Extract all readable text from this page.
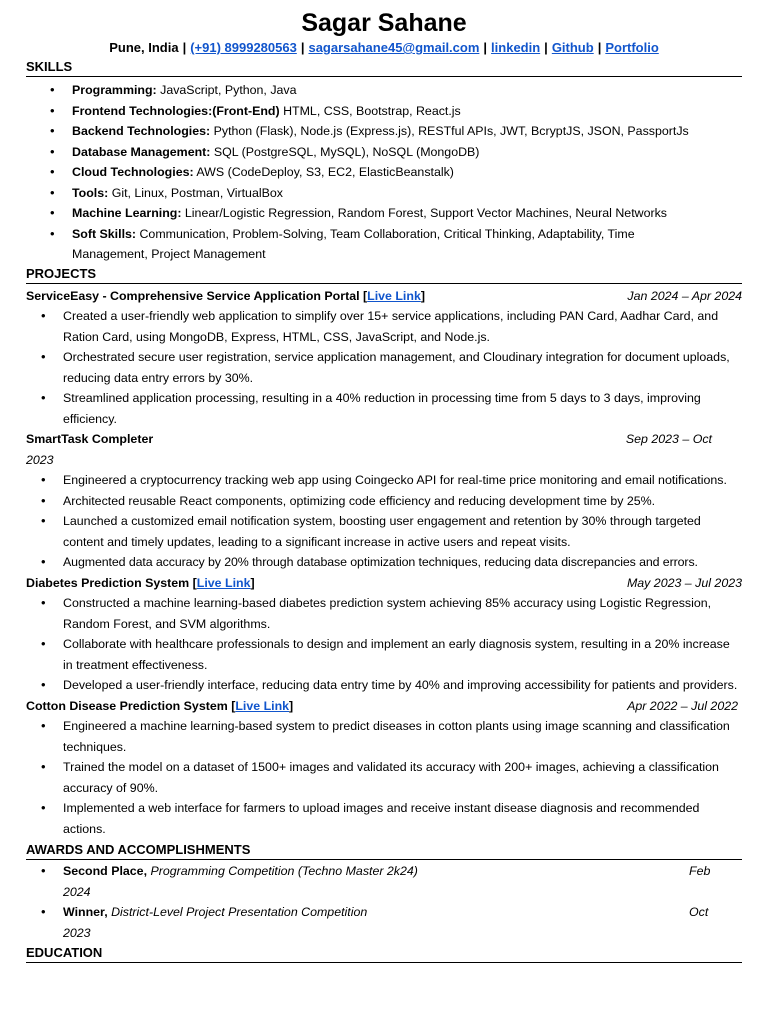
Sagar Sahane
Pune, India | (+91) 8999280563 | sagarsahane45@gmail.com | linkedin | Github | Portfolio
SKILLS
• Programming: JavaScript, Python, Java
• Frontend Technologies:(Front-End) HTML, CSS, Bootstrap, React.js
• Backend Technologies: Python (Flask), Node.js (Express.js), RESTful APIs, JWT, BcryptJS, JSON, PassportJs
• Database Management: SQL (PostgreSQL, MySQL), NoSQL (MongoDB)
• Cloud Technologies: AWS (CodeDeploy, S3, EC2, ElasticBeanstalk)
• Tools: Git, Linux, Postman, VirtualBox
• Machine Learning: Linear/Logistic Regression, Random Forest, Support Vector Machines, Neural Networks
• Soft Skills: Communication, Problem-Solving, Team Collaboration, Critical Thinking, Adaptability, Time Management, Project Management
PROJECTS
ServiceEasy - Comprehensive Service Application Portal [Live Link]	Jan 2024 – Apr 2024
• Created a user-friendly web application to simplify over 15+ service applications, including PAN Card, Aadhar Card, and Ration Card, using MongoDB, Express, HTML, CSS, JavaScript, and Node.js.
• Orchestrated secure user registration, service application management, and Cloudinary integration for document uploads, reducing data entry errors by 30%.
• Streamlined application processing, resulting in a 40% reduction in processing time from 5 days to 3 days, improving efficiency.
SmartTask Completer	Sep 2023 – Oct
2023
• Engineered a cryptocurrency tracking web app using Coingecko API for real-time price monitoring and email notifications.
• Architected reusable React components, optimizing code efficiency and reducing development time by 25%.
• Launched a customized email notification system, boosting user engagement and retention by 30% through targeted content and timely updates, leading to a significant increase in active users and repeat visits.
• Augmented data accuracy by 20% through database optimization techniques, reducing data discrepancies and errors.
Diabetes Prediction System [Live Link]	May 2023 – Jul 2023
• Constructed a machine learning-based diabetes prediction system achieving 85% accuracy using Logistic Regression, Random Forest, and SVM algorithms.
• Collaborate with healthcare professionals to design and implement an early diagnosis system, resulting in a 20% increase in treatment effectiveness.
• Developed a user-friendly interface, reducing data entry time by 40% and improving accessibility for patients and providers.
Cotton Disease Prediction System [Live Link]	Apr 2022 – Jul 2022
• Engineered a machine learning-based system to predict diseases in cotton plants using image scanning and classification techniques.
• Trained the model on a dataset of 1500+ images and validated its accuracy with 200+ images, achieving a classification accuracy of 90%.
• Implemented a web interface for farmers to upload images and receive instant disease diagnosis and recommended actions.
AWARDS AND ACCOMPLISHMENTS
• Second Place, Programming Competition (Techno Master 2k24)	Feb
2024
• Winner, District-Level Project Presentation Competition	Oct
2023
EDUCATION
